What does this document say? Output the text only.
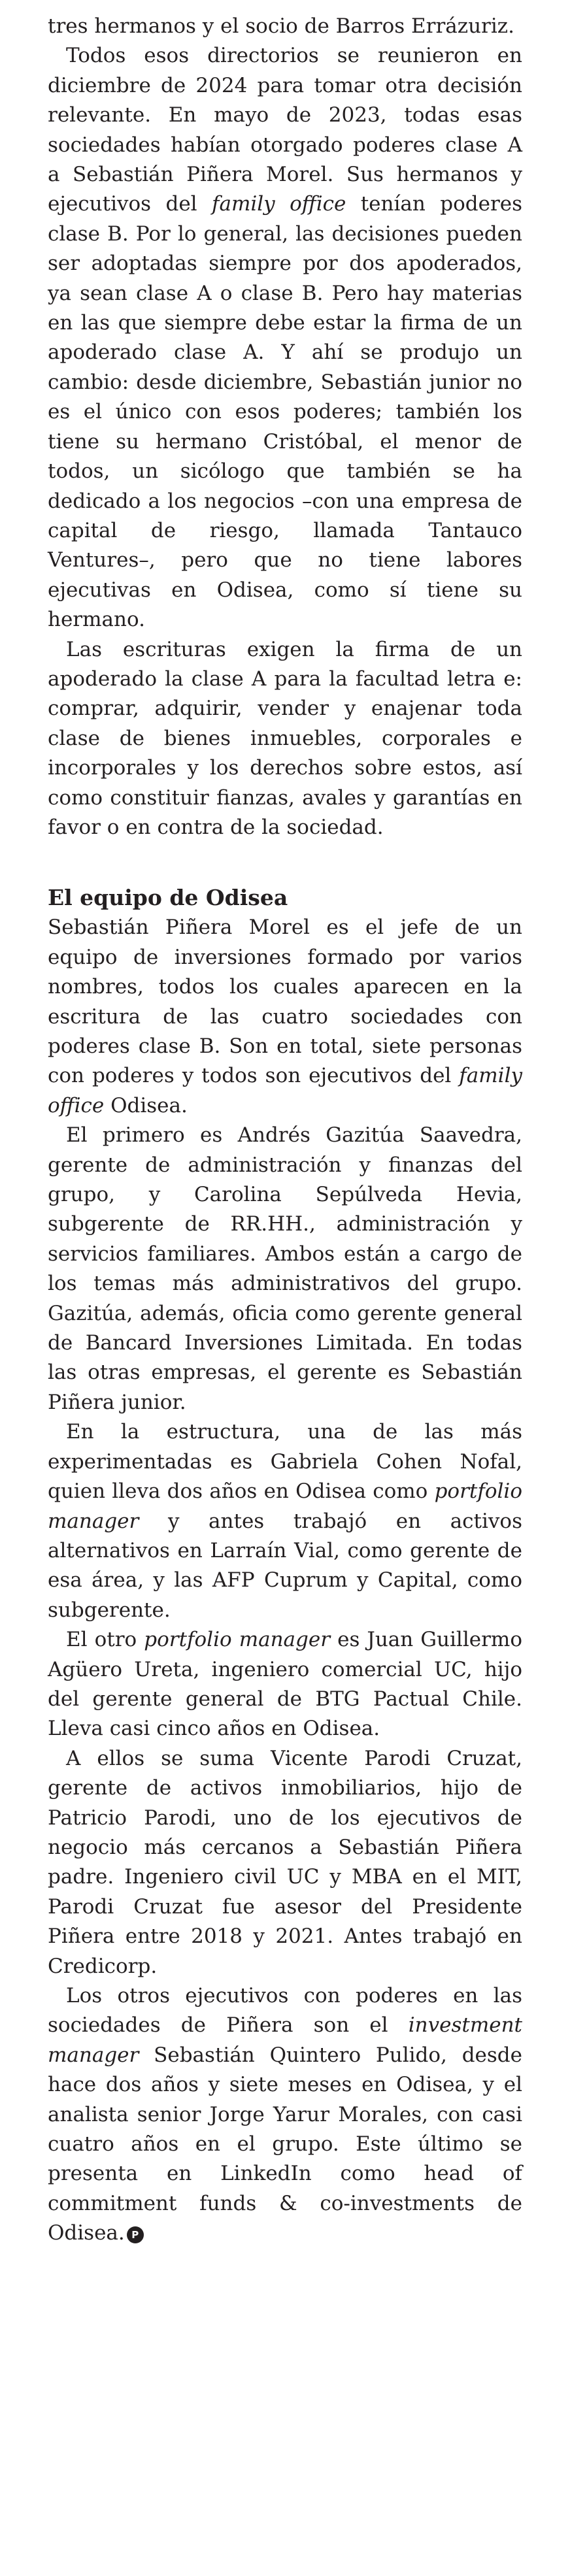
tres hermanos y el socio de Barros Errázuriz.

Todos esos directorios se reunieron en diciembre de 2024 para tomar otra decisión relevante. En mayo de 2023, todas esas sociedades habían otorgado poderes clase A a Sebastián Piñera Morel. Sus hermanos y ejecutivos del family office tenían poderes clase B. Por lo general, las decisiones pueden ser adoptadas siempre por dos apoderados, ya sean clase A o clase B. Pero hay materias en las que siempre debe estar la firma de un apoderado clase A. Y ahí se produjo un cambio: desde diciembre, Sebastián junior no es el único con esos poderes; también los tiene su hermano Cristóbal, el menor de todos, un sicólogo que también se ha dedicado a los negocios –con una empresa de capital de riesgo, llamada Tantauco Ventures–, pero que no tiene labores ejecutivas en Odisea, como sí tiene su hermano.

Las escrituras exigen la firma de un apoderado la clase A para la facultad letra e: comprar, adquirir, vender y enajenar toda clase de bienes inmuebles, corporales e incorporales y los derechos sobre estos, así como constituir fianzas, avales y garantías en favor o en contra de la sociedad.

El equipo de Odisea

Sebastián Piñera Morel es el jefe de un equipo de inversiones formado por varios nombres, todos los cuales aparecen en la escritura de las cuatro sociedades con poderes clase B. Son en total, siete personas con poderes y todos son ejecutivos del family office Odisea.

El primero es Andrés Gazitúa Saavedra, gerente de administración y finanzas del grupo, y Carolina Sepúlveda Hevia, subgerente de RR.HH., administración y servicios familiares. Ambos están a cargo de los temas más administrativos del grupo. Gazitúa, además, oficia como gerente general de Bancard Inversiones Limitada. En todas las otras empresas, el gerente es Sebastián Piñera junior.

En la estructura, una de las más experimentadas es Gabriela Cohen Nofal, quien lleva dos años en Odisea como portfolio manager y antes trabajó en activos alternativos en Larraín Vial, como gerente de esa área, y las AFP Cuprum y Capital, como subgerente.

El otro portfolio manager es Juan Guillermo Agüero Ureta, ingeniero comercial UC, hijo del gerente general de BTG Pactual Chile. Lleva casi cinco años en Odisea.

A ellos se suma Vicente Parodi Cruzat, gerente de activos inmobiliarios, hijo de Patricio Parodi, uno de los ejecutivos de negocio más cercanos a Sebastián Piñera padre. Ingeniero civil UC y MBA en el MIT, Parodi Cruzat fue asesor del Presidente Piñera entre 2018 y 2021. Antes trabajó en Credicorp.

Los otros ejecutivos con poderes en las sociedades de Piñera son el investment manager Sebastián Quintero Pulido, desde hace dos años y siete meses en Odisea, y el analista senior Jorge Yarur Morales, con casi cuatro años en el grupo. Este último se presenta en LinkedIn como head of commitment funds & co-investments de Odisea. P
